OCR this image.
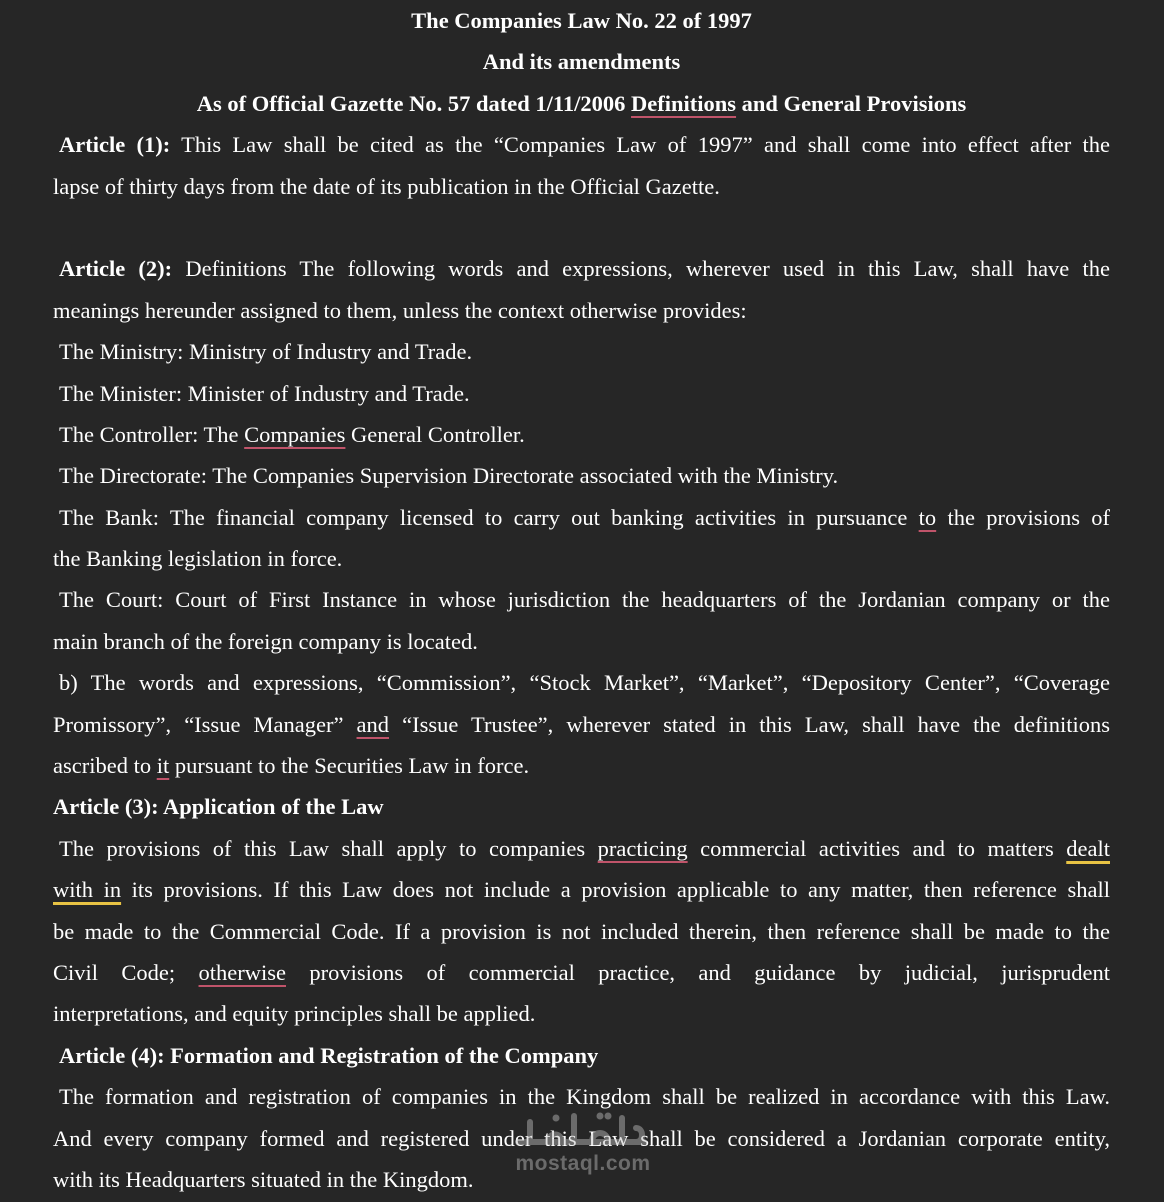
The Companies Law No. 22 of 1997
And its amendments
As of Official Gazette No. 57 dated 1/11/2006 Definitions and General Provisions
Article (1): This Law shall be cited as the “Companies Law of 1997” and shall come into effect after the
lapse of thirty days from the date of its publication in the Official Gazette.
Article (2): Definitions The following words and expressions, wherever used in this Law, shall have the
meanings hereunder assigned to them, unless the context otherwise provides:
The Ministry: Ministry of Industry and Trade.
The Minister: Minister of Industry and Trade.
The Controller: The Companies General Controller.
The Directorate: The Companies Supervision Directorate associated with the Ministry.
The Bank: The financial company licensed to carry out banking activities in pursuance to the provisions of
the Banking legislation in force.
The Court: Court of First Instance in whose jurisdiction the headquarters of the Jordanian company or the
main branch of the foreign company is located.
b) The words and expressions, “Commission”, “Stock Market”, “Market”, “Depository Center”, “Coverage
Promissory”, “Issue Manager” and “Issue Trustee”, wherever stated in this Law, shall have the definitions
ascribed to it pursuant to the Securities Law in force.
Article (3): Application of the Law
The provisions of this Law shall apply to companies practicing commercial activities and to matters dealt
with in its provisions. If this Law does not include a provision applicable to any matter, then reference shall
be made to the Commercial Code. If a provision is not included therein, then reference shall be made to the
Civil Code; otherwise provisions of commercial practice, and guidance by judicial, jurisprudent
interpretations, and equity principles shall be applied.
Article (4): Formation and Registration of the Company
The formation and registration of companies in the Kingdom shall be realized in accordance with this Law.
And every company formed and registered under this Law shall be considered a Jordanian corporate entity,
with its Headquarters situated in the Kingdom.
mostaql.com
